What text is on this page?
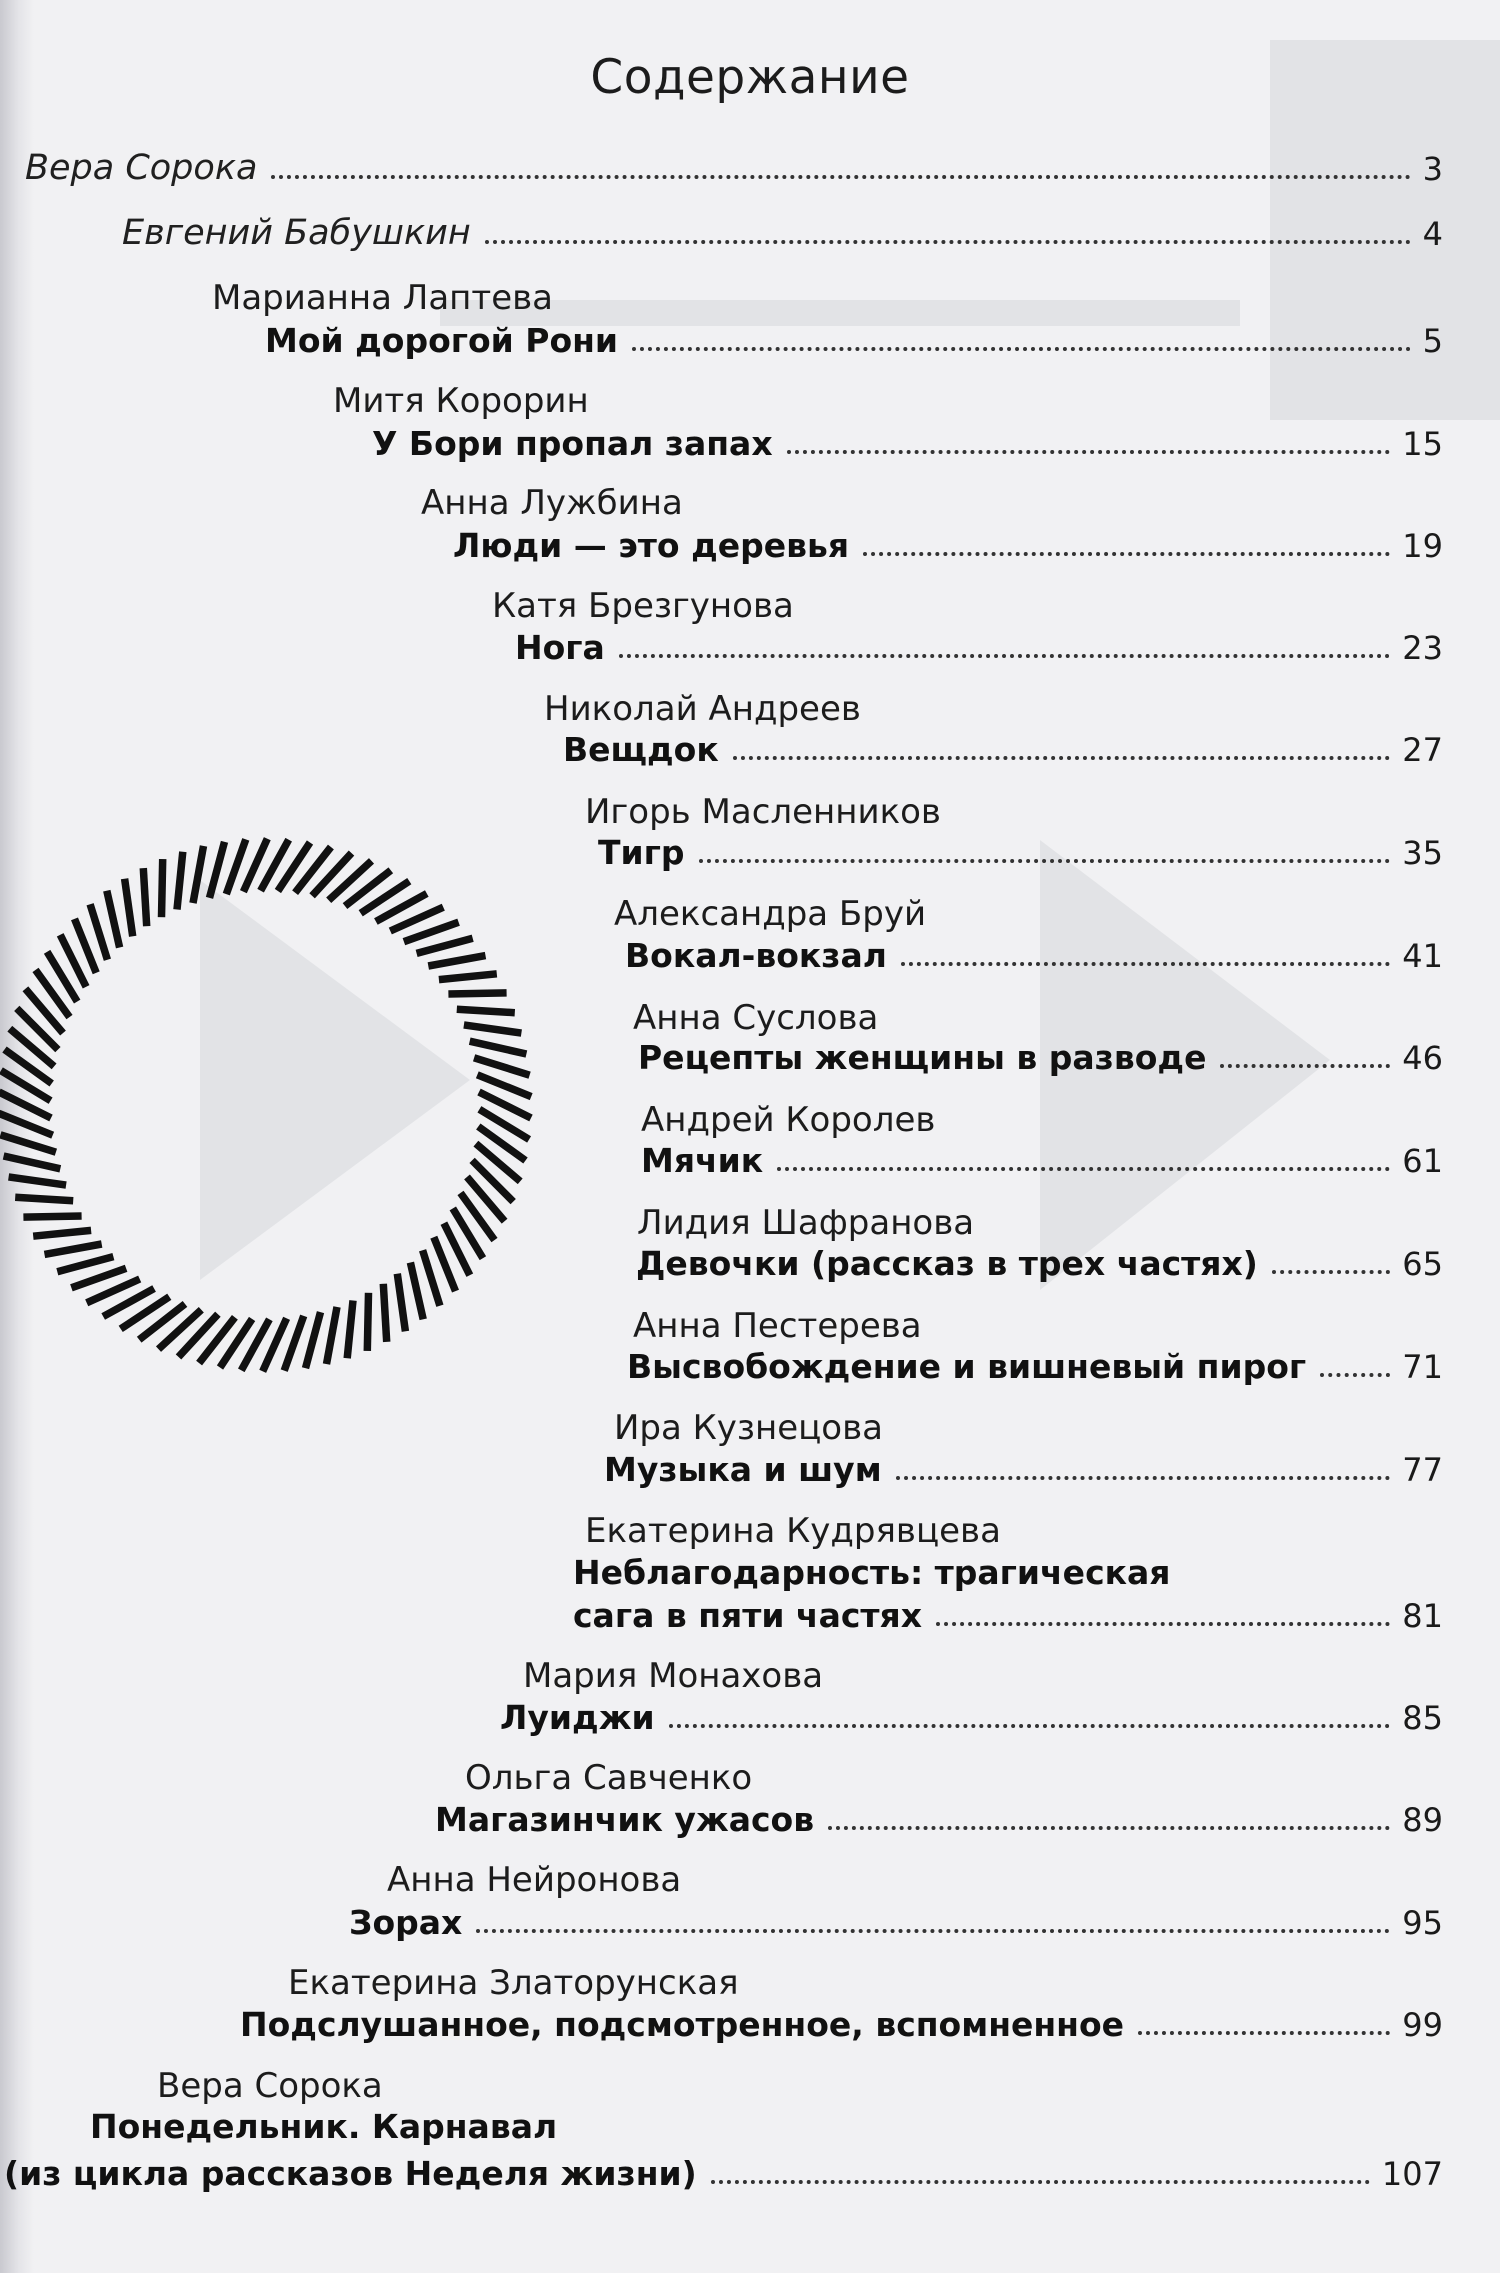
Содержание
Вера Сорока	3
Евгений Бабушкин	4
Марианна Лаптева
Мой дорогой Рони	5
Митя Корорин
У Бори пропал запах	15
Анна Лужбина
Люди — это деревья	19
Катя Брезгунова
Нога	23
Николай Андреев
Вещдок	27
Игорь Масленников
Тигр	35
Александра Бруй
Вокал-вокзал	41
Анна Суслова
Рецепты женщины в разводе	46
Андрей Королев
Мячик	61
Лидия Шафранова
Девочки (рассказ в трех частях)	65
Анна Пестерева
Высвобождение и вишневый пирог	71
Ира Кузнецова
Музыка и шум	77
Екатерина Кудрявцева
Неблагодарность: трагическая
сага в пяти частях	81
Мария Монахова
Луиджи	85
Ольга Савченко
Магазинчик ужасов	89
Анна Нейронова
Зорах	95
Екатерина Златорунская
Подслушанное, подсмотренное, вспомненное	99
Вера Сорока
Понедельник. Карнавал
(из цикла рассказов Неделя жизни)	107
